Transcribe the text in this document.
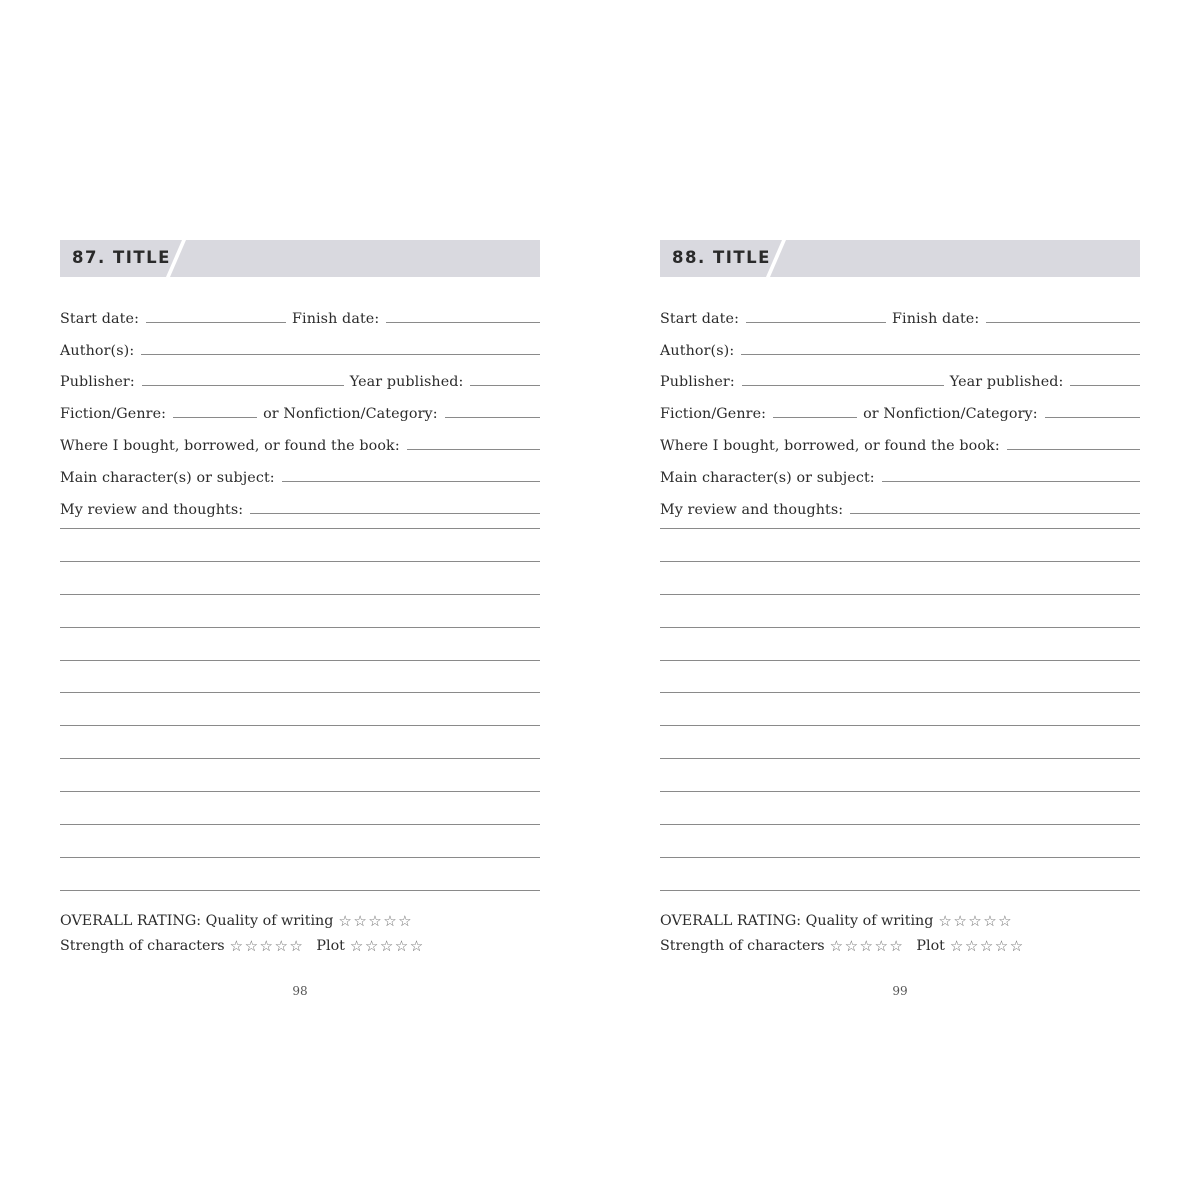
87. TITLE
Start date:	Finish date:
Author(s):
Publisher:	Year published:
Fiction/Genre:	or Nonfiction/Category:
Where I bought, borrowed, or found the book:
Main character(s) or subject:
My review and thoughts:
OVERALL RATING:
Quality of writing ☆☆☆☆☆
Strength of characters ☆☆☆☆☆ Plot ☆☆☆☆☆
98
88. TITLE
Start date:	Finish date:
Author(s):
Publisher:	Year published:
Fiction/Genre:	or Nonfiction/Category:
Where I bought, borrowed, or found the book:
Main character(s) or subject:
My review and thoughts:
OVERALL RATING:
Quality of writing ☆☆☆☆☆
Strength of characters ☆☆☆☆☆ Plot ☆☆☆☆☆
99
